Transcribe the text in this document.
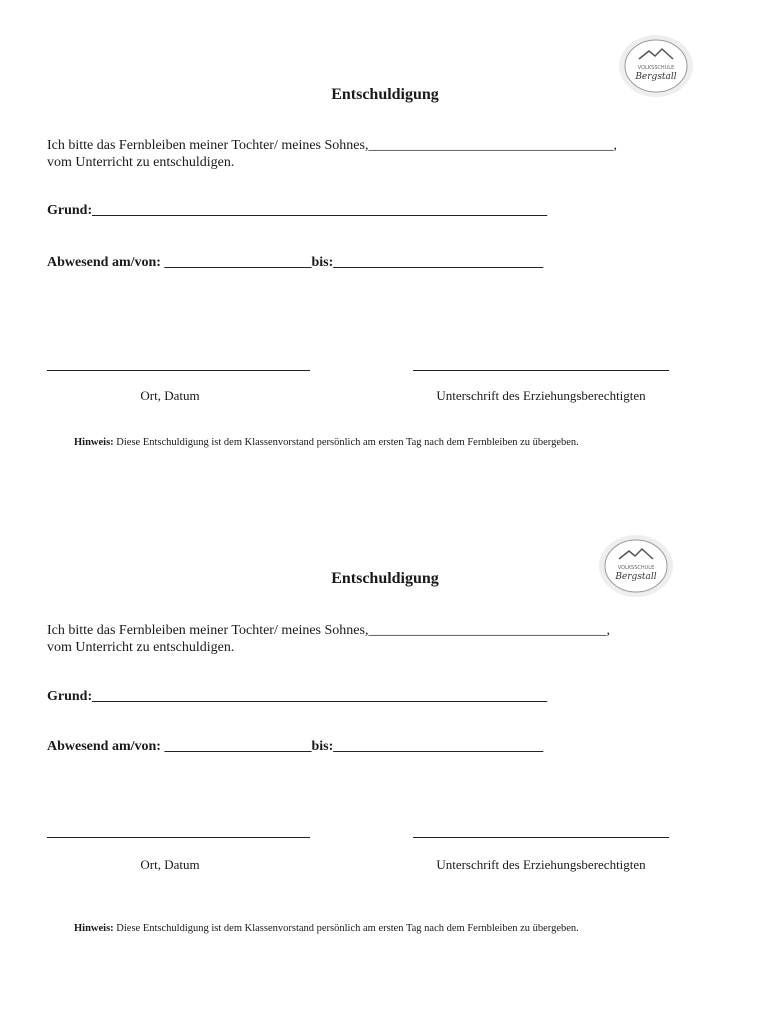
VOLKSSCHULE
Bergstall
Entschuldigung
Ich bitte das Fernbleiben meiner Tochter/ meines Sohnes,___________________________________,
vom Unterricht zu entschuldigen.
Grund:_________________________________________________________________
Abwesend am/von: _____________________bis:______________________________
Ort, Datum	Unterschrift des Erziehungsberechtigten
Hinweis: Diese Entschuldigung ist dem Klassenvorstand persönlich am ersten Tag nach dem Fernbleiben zu übergeben.
VOLKSSCHULE
Bergstall
Entschuldigung
Ich bitte das Fernbleiben meiner Tochter/ meines Sohnes,__________________________________,
vom Unterricht zu entschuldigen.
Grund:_________________________________________________________________
Abwesend am/von: _____________________bis:______________________________
Ort, Datum	Unterschrift des Erziehungsberechtigten
Hinweis: Diese Entschuldigung ist dem Klassenvorstand persönlich am ersten Tag nach dem Fernbleiben zu übergeben.
